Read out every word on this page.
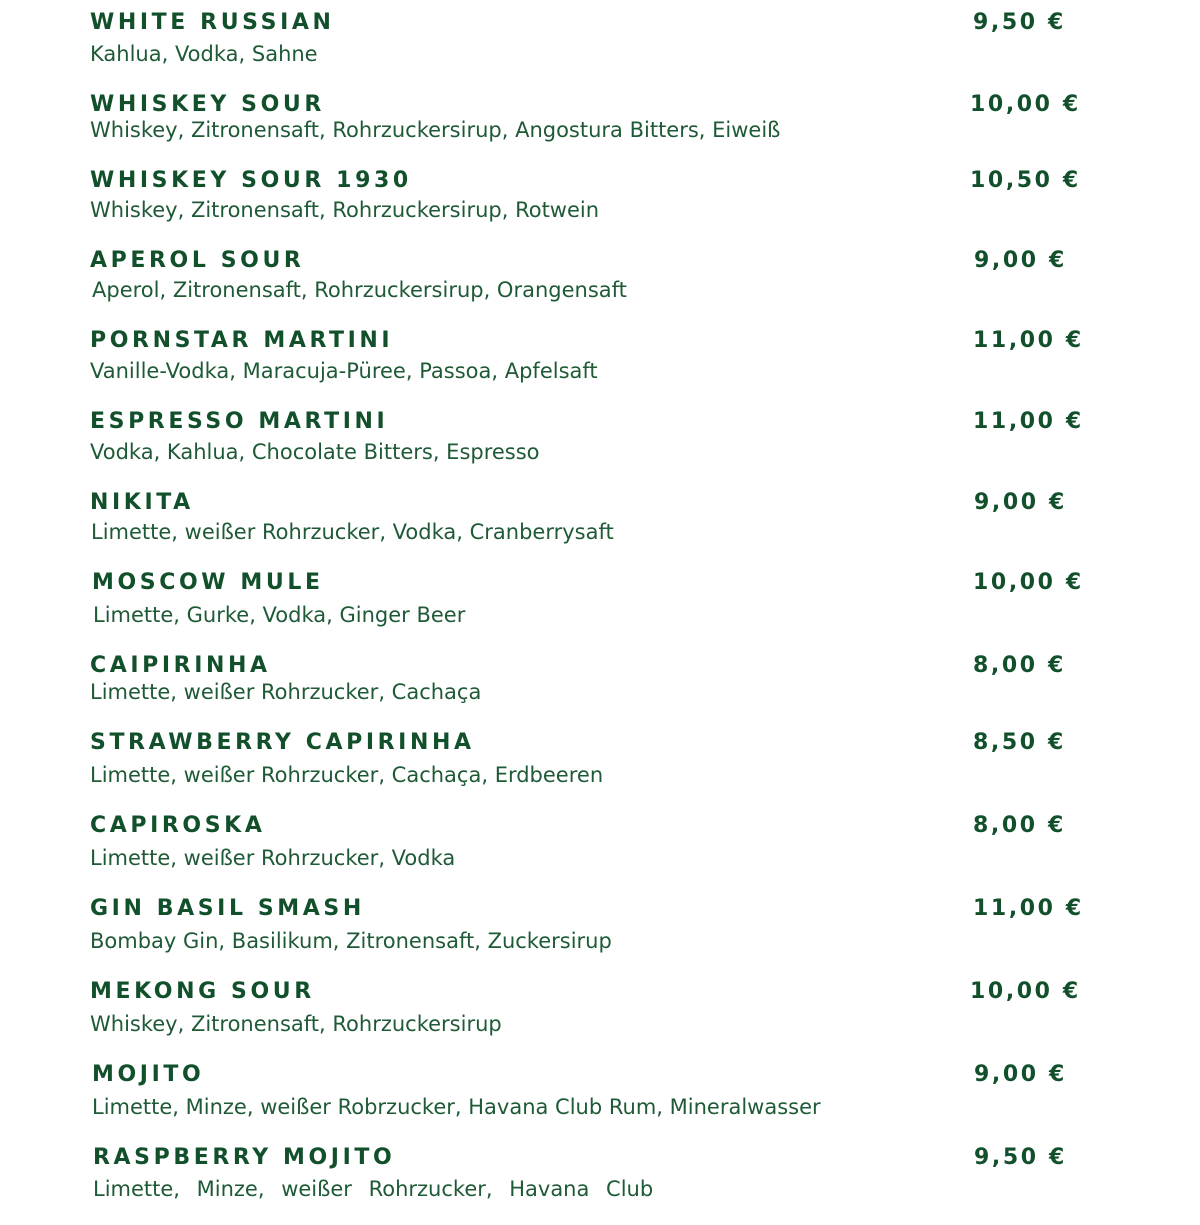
WHITE RUSSIAN	9,50 €
Kahlua, Vodka, Sahne
WHISKEY SOUR	10,00 €
Whiskey, Zitronensaft, Rohrzuckersirup, Angostura Bitters, Eiweiß
WHISKEY SOUR 1930	10,50 €
Whiskey, Zitronensaft, Rohrzuckersirup, Rotwein
APEROL SOUR	9,00 €
Aperol, Zitronensaft, Rohrzuckersirup, Orangensaft
PORNSTAR MARTINI	11,00 €
Vanille-Vodka, Maracuja-Püree, Passoa, Apfelsaft
ESPRESSO MARTINI	11,00 €
Vodka, Kahlua, Chocolate Bitters, Espresso
NIKITA	9,00 €
Limette, weißer Rohrzucker, Vodka, Cranberrysaft
MOSCOW MULE	10,00 €
Limette, Gurke, Vodka, Ginger Beer
CAIPIRINHA	8,00 €
Limette, weißer Rohrzucker, Cachaça
STRAWBERRY CAPIRINHA	8,50 €
Limette, weißer Rohrzucker, Cachaça, Erdbeeren
CAPIROSKA	8,00 €
Limette, weißer Rohrzucker, Vodka
GIN BASIL SMASH	11,00 €
Bombay Gin, Basilikum, Zitronensaft, Zuckersirup
MEKONG SOUR	10,00 €
Whiskey, Zitronensaft, Rohrzuckersirup
MOJITO	9,00 €
Limette, Minze, weißer Robrzucker, Havana Club Rum, Mineralwasser
RASPBERRY MOJITO	9,50 €
Limette, Minze, weißer Rohrzucker, Havana Club
